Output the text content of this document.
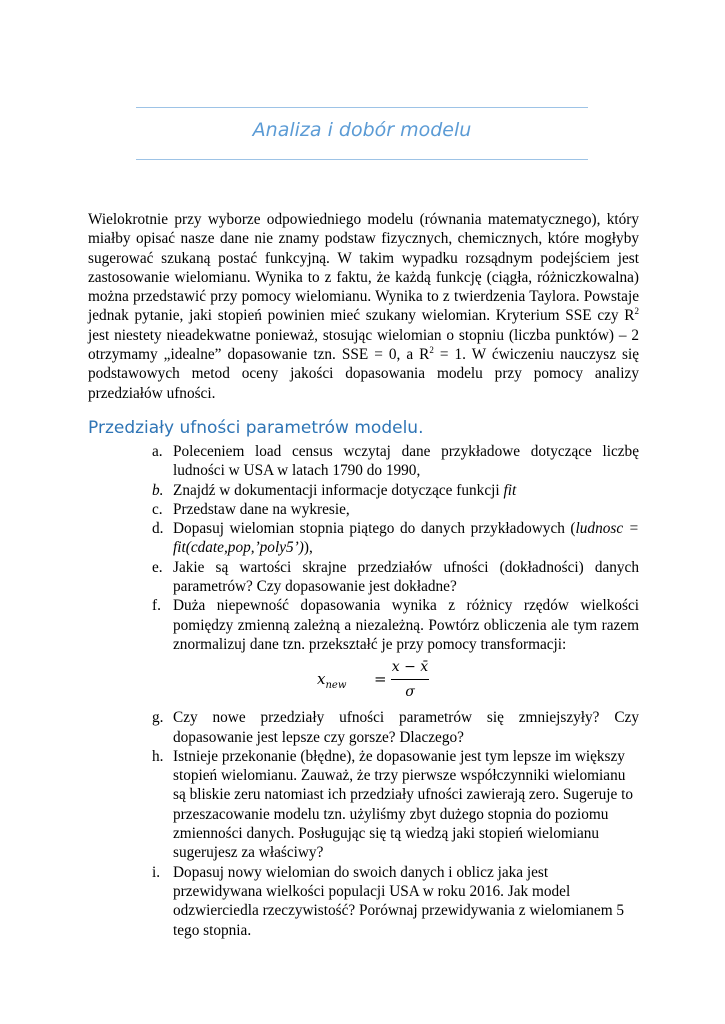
Analiza i dobór modelu

Wielokrotnie przy wyborze odpowiedniego modelu (równania matematycznego), który miałby opisać nasze dane nie znamy podstaw fizycznych, chemicznych, które mogłyby sugerować szukaną postać funkcyjną. W takim wypadku rozsądnym podejściem jest zastosowanie wielomianu. Wynika to z faktu, że każdą funkcję (ciągła, różniczkowalna) można przedstawić przy pomocy wielomianu. Wynika to z twierdzenia Taylora. Powstaje jednak pytanie, jaki stopień powinien mieć szukany wielomian. Kryterium SSE czy $R^2$ jest niestety nieadekwatne ponieważ, stosując wielomian o stopniu (liczba punktów) – 2 otrzymamy „idealne” dopasowanie tzn. SSE = 0, a $R^2 = 1$. W ćwiczeniu nauczysz się podstawowych metod oceny jakości dopasowania modelu przy pomocy analizy przedziałów ufności.

Przedziały ufności parametrów modelu.
a. Poleceniem load census wczytaj dane przykładowe dotyczące liczbę ludności w USA w latach 1790 do 1990,
b. Znajdź w dokumentacji informacje dotyczące funkcji fit
c. Przedstaw dane na wykresie,
d. Dopasuj wielomian stopnia piątego do danych przykładowych (ludnosc = fit(cdate,pop,’poly5’)),
e. Jakie są wartości skrajne przedziałów ufności (dokładności) danych parametrów? Czy dopasowanie jest dokładne?
f. Duża niepewność dopasowania wynika z różnicy rzędów wielkości pomiędzy zmienną zależną a niezależną. Powtórz obliczenia ale tym razem znormalizuj dane tzn. przekształć je przy pomocy transformacji:
$x_{new}$ =
x − x̄
σ
g. Czy nowe przedziały ufności parametrów się zmniejszyły? Czy dopasowanie jest lepsze czy gorsze? Dlaczego?
h. Istnieje przekonanie (błędne), że dopasowanie jest tym lepsze im większy stopień wielomianu. Zauważ, że trzy pierwsze współczynniki wielomianu są bliskie zeru natomiast ich przedziały ufności zawierają zero. Sugeruje to przeszacowanie modelu tzn. użyliśmy zbyt dużego stopnia do poziomu zmienności danych. Posługując się tą wiedzą jaki stopień wielomianu sugerujesz za właściwy?
i. Dopasuj nowy wielomian do swoich danych i oblicz jaka jest przewidywana wielkości populacji USA w roku 2016. Jak model odzwierciedla rzeczywistość? Porównaj przewidywania z wielomianem 5 tego stopnia.
